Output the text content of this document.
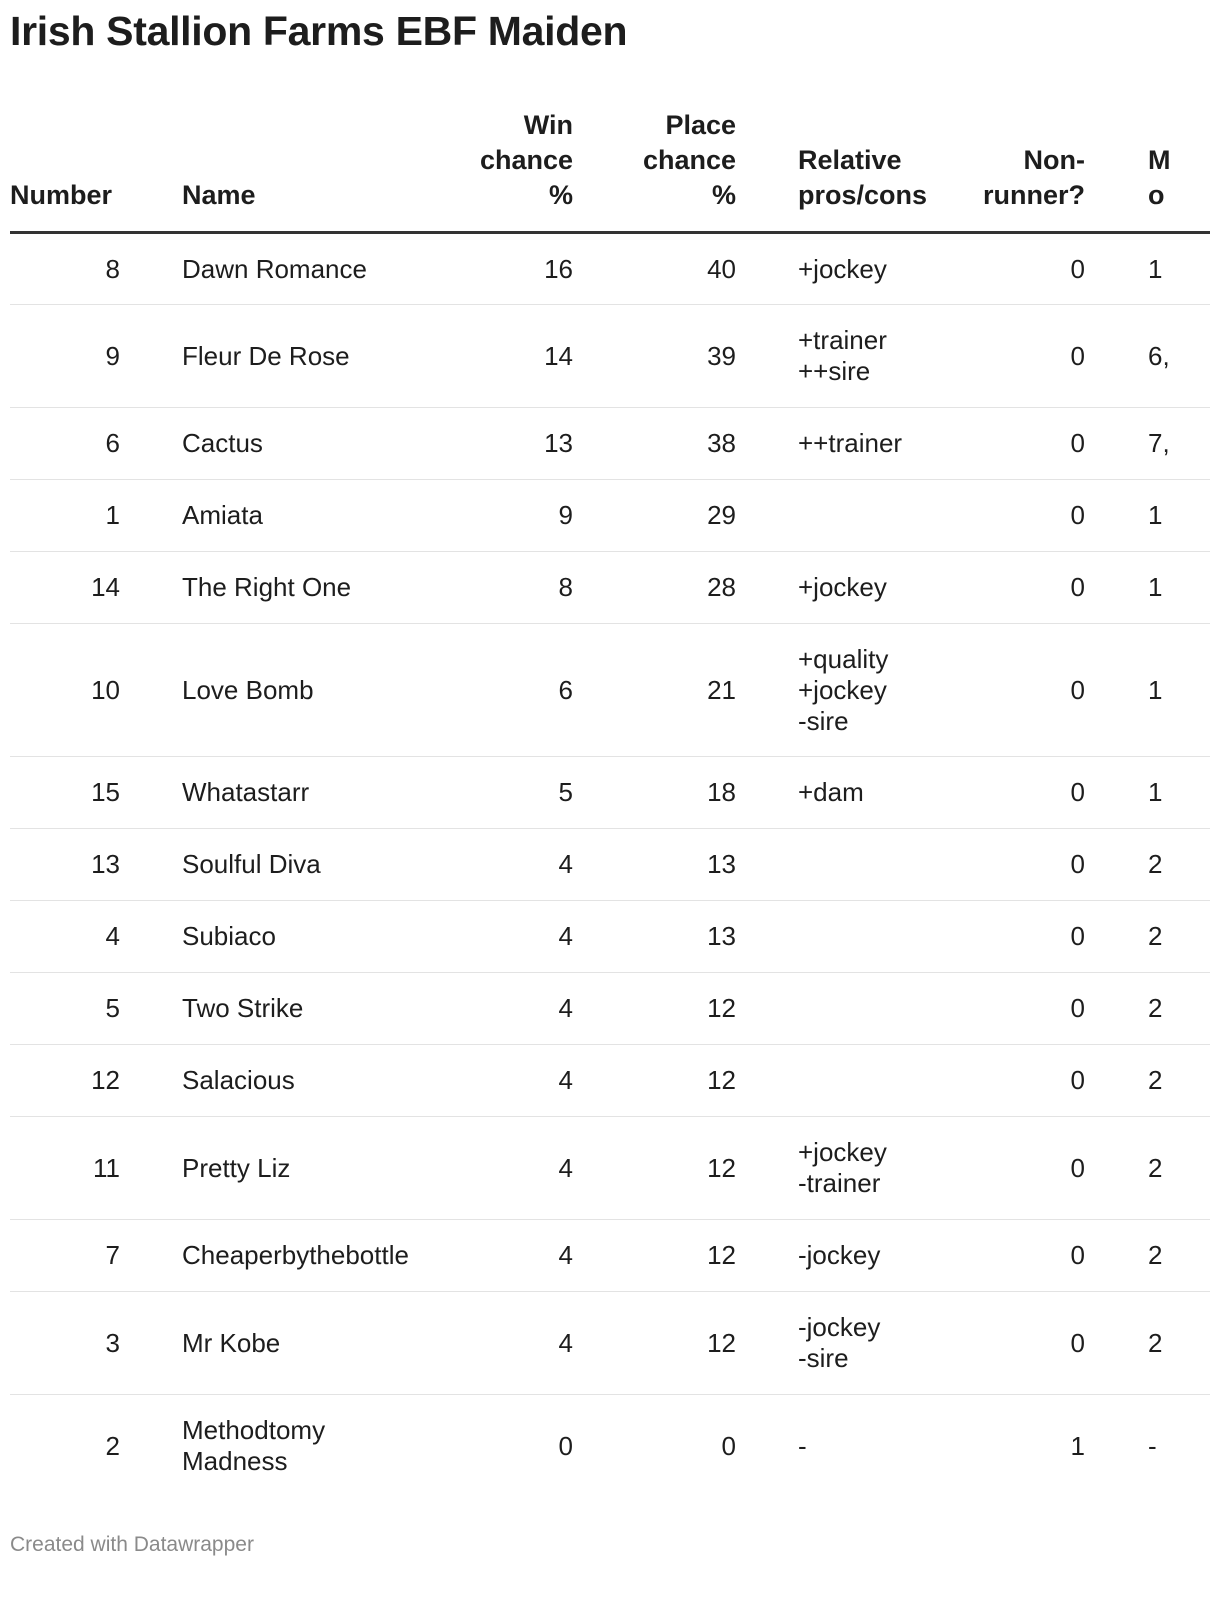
Irish Stallion Farms EBF Maiden
Number	Name	Win
chance
%	Place
chance
%	Relative
pros/cons	Non-
runner?	M
o
8	Dawn Romance	16	40	+jockey	0	1
9	Fleur De Rose	14	39	+trainer
++sire	0	6,
6	Cactus	13	38	++trainer	0	7,
1	Amiata	9	29		0	1
14	The Right One	8	28	+jockey	0	1
10	Love Bomb	6	21	+quality
+jockey
-sire	0	1
15	Whatastarr	5	18	+dam	0	1
13	Soulful Diva	4	13		0	2
4	Subiaco	4	13		0	2
5	Two Strike	4	12		0	2
12	Salacious	4	12		0	2
11	Pretty Liz	4	12	+jockey
-trainer	0	2
7	Cheaperbythebottle	4	12	-jockey	0	2
3	Mr Kobe	4	12	-jockey
-sire	0	2
2	Methodtomy
Madness	0	0	-	1	-
Created with Datawrapper
